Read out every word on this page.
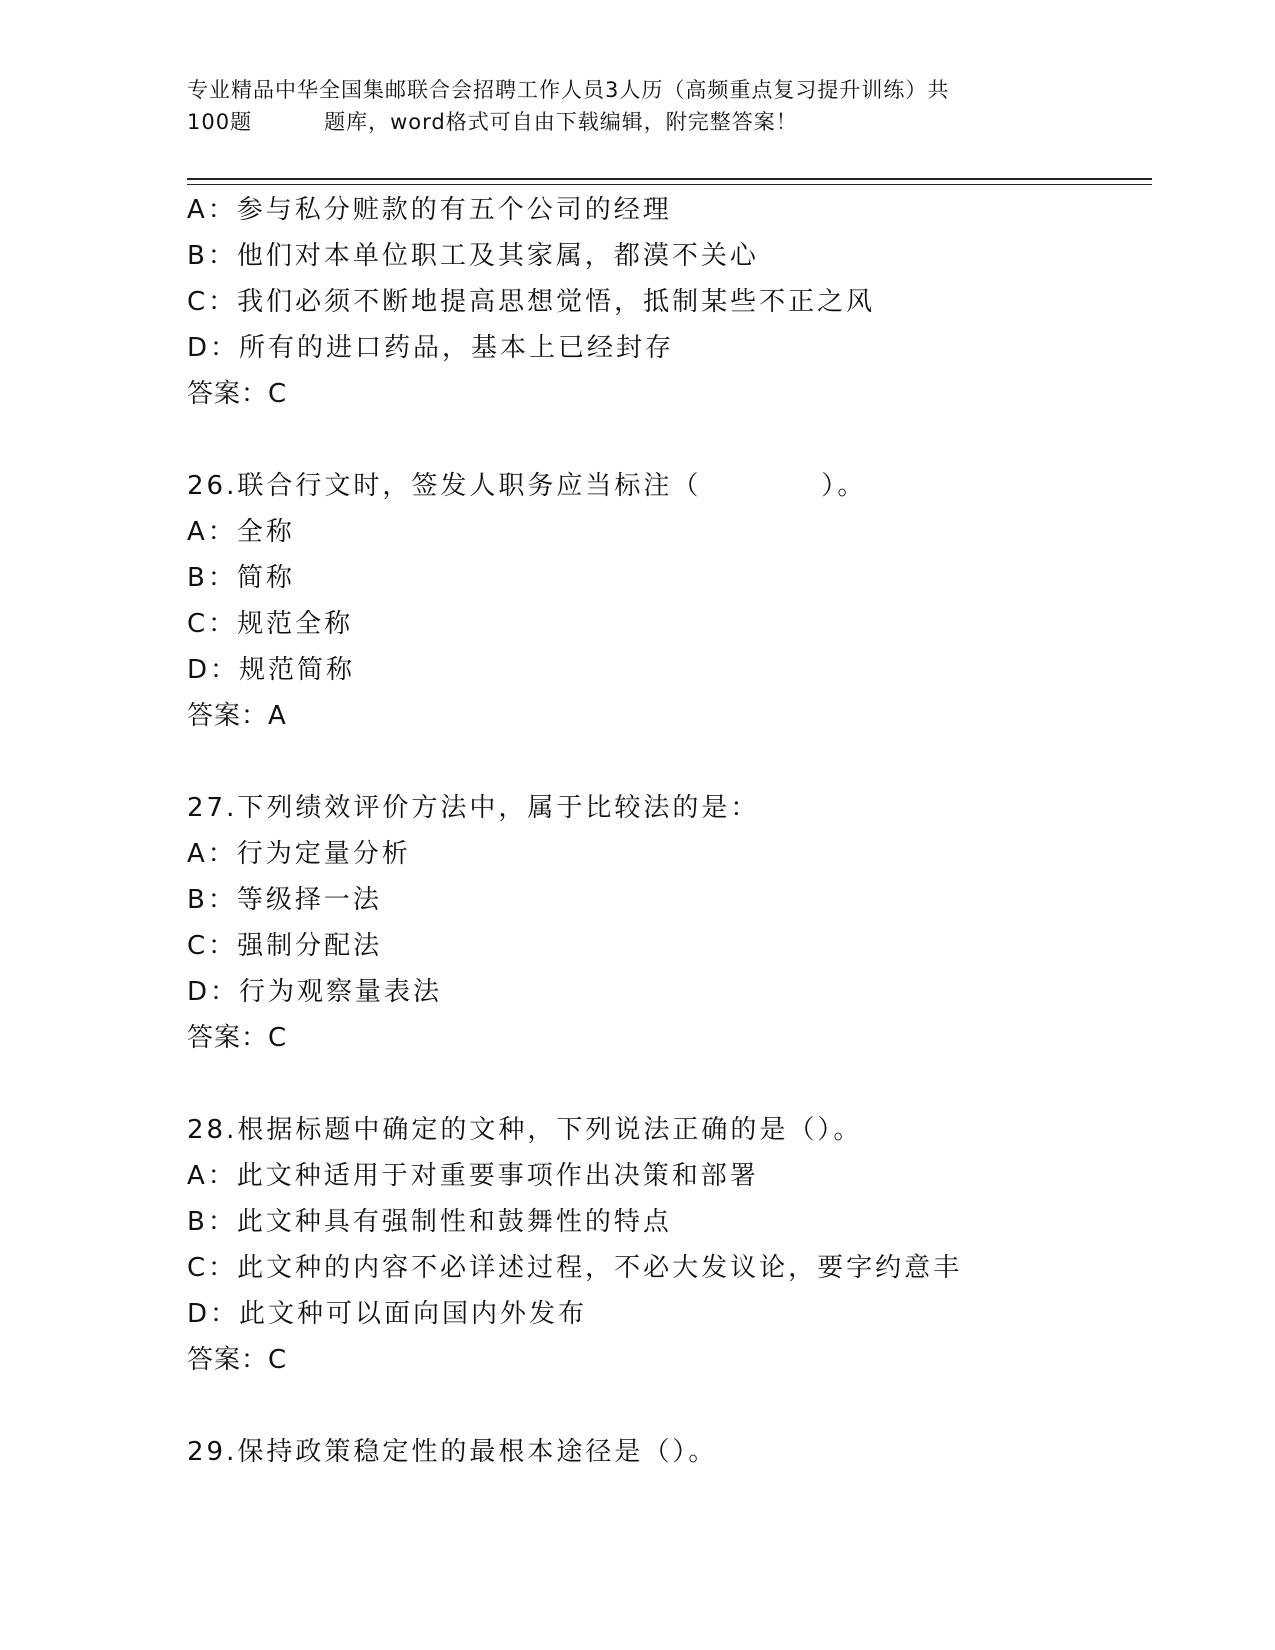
专业精品中华全国集邮联合会招聘工作人员3人历（高频重点复习提升训练）共
100题	题库，word格式可自由下载编辑，附完整答案！
A：参与私分赃款的有五个公司的经理
B：他们对本单位职工及其家属，都漠不关心
C：我们必须不断地提高思想觉悟，抵制某些不正之风
D：所有的进口药品，基本上已经封存
答案：C
26.联合行文时，签发人职务应当标注（	）。
A：全称
B：简称
C：规范全称
D：规范简称
答案：A
27.下列绩效评价方法中，属于比较法的是：
A：行为定量分析
B：等级择一法
C：强制分配法
D：行为观察量表法
答案：C
28.根据标题中确定的文种，下列说法正确的是（）。
A：此文种适用于对重要事项作出决策和部署
B：此文种具有强制性和鼓舞性的特点
C：此文种的内容不必详述过程，不必大发议论，要字约意丰
D：此文种可以面向国内外发布
答案：C
29.保持政策稳定性的最根本途径是（）。
